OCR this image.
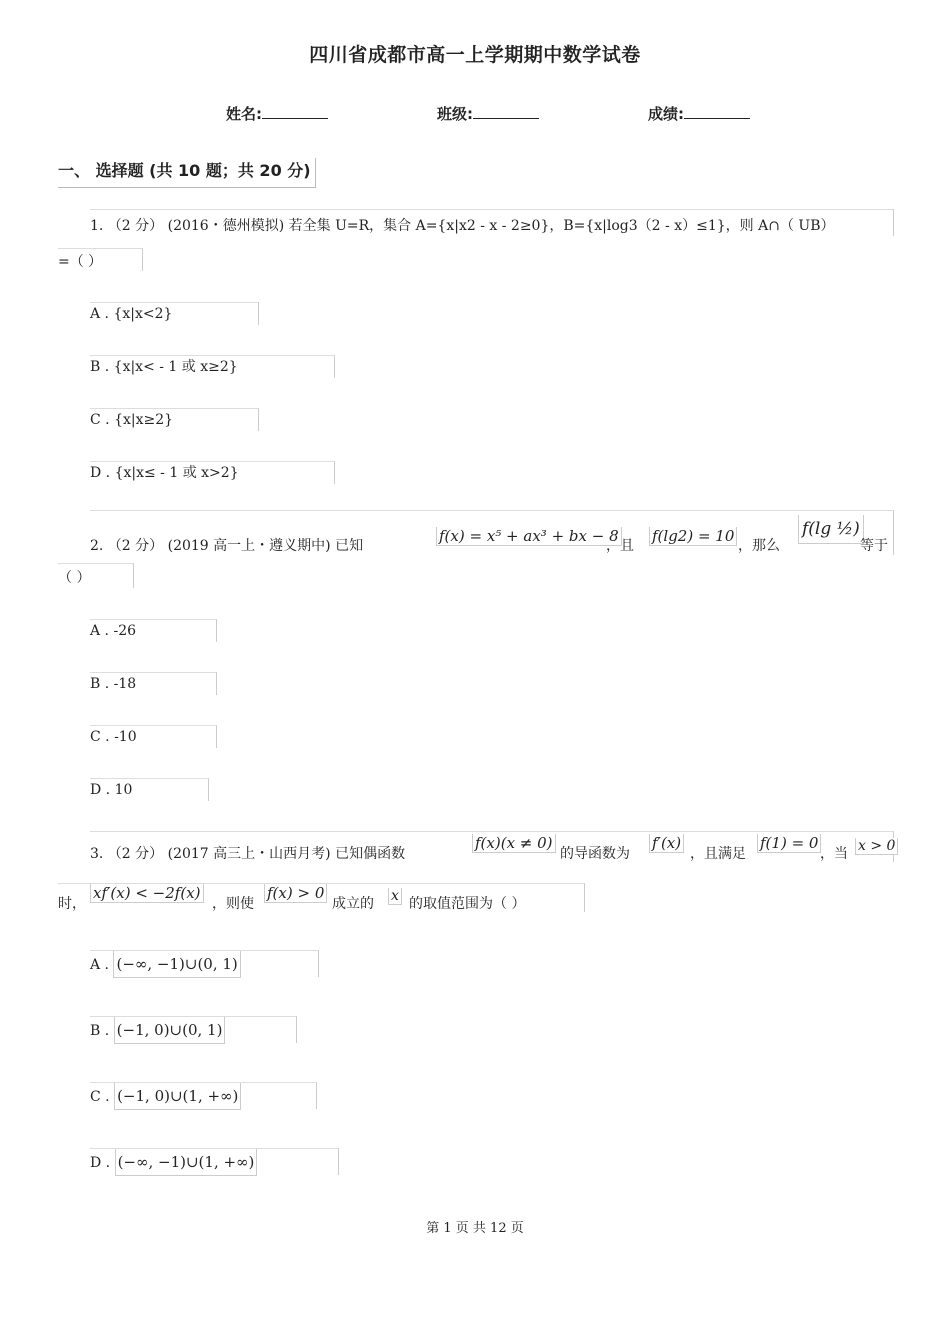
四川省成都市高一上学期期中数学试卷
姓名:	班级:	成绩:
一、 选择题 (共 10 题；共 20 分)
1. （2 分） (2016・德州模拟) 若全集 U=R，集合 A={x|x2 - x - 2≥0}，B={x|log3（2 - x）≤1}，则 A∩（ UB）
=（ ）
A . {x|x<2}
B . {x|x< - 1 或 x≥2}
C . {x|x≥2}
D . {x|x≤ - 1 或 x>2}
2. （2 分） (2019 高一上・遵义期中) 已知
f(x) = x⁵ + ax³ + bx − 8
，且
f(lg2) = 10
，那么
f(lg ½)
等于
（ ）
A . -26
B . -18
C . -10
D . 10
3. （2 分） (2017 高三上・山西月考) 已知偶函数
f(x)(x ≠ 0)
的导函数为
f′(x)
，且满足
f(1) = 0
，当 x > 0
时，
xf′(x) < −2f(x)
，则使
f(x) > 0
成立的 x 的取值范围为（ ）
A . (−∞, −1)∪(0, 1)
B . (−1, 0)∪(0, 1)
C . (−1, 0)∪(1, +∞)
D . (−∞, −1)∪(1, +∞)
第 1 页 共 12 页
